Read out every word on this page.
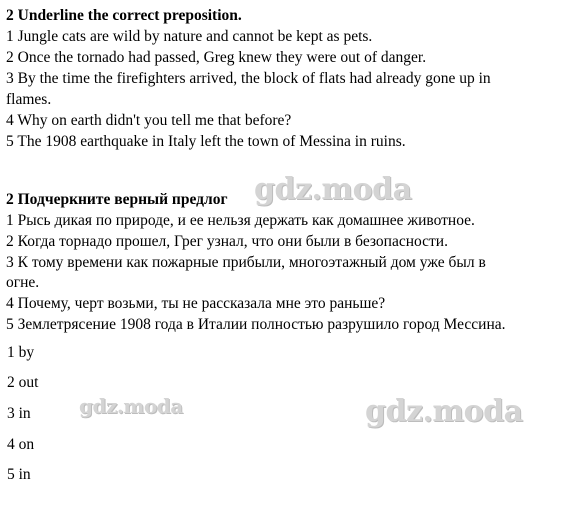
2 Underline the correct preposition.
1 Jungle cats are wild by nature and cannot be kept as pets.
2 Once the tornado had passed, Greg knew they were out of danger.
3 By the time the firefighters arrived, the block of flats had already gone up in
flames.
4 Why on earth didn't you tell me that before?
5 The 1908 earthquake in Italy left the town of Messina in ruins.
2 Подчеркните верный предлог
1 Рысь дикая по природе, и ее нельзя держать как домашнее животное.
2 Когда торнадо прошел, Грег узнал, что они были в безопасности.
3 К тому времени как пожарные прибыли, многоэтажный дом уже был в
огне.
4 Почему, черт возьми, ты не рассказала мне это раньше?
5 Землетрясение 1908 года в Италии полностью разрушило город Мессина.
1 by
2 out
3 in
4 on
5 in
gdz.moda
gdz.moda	gdz.moda
